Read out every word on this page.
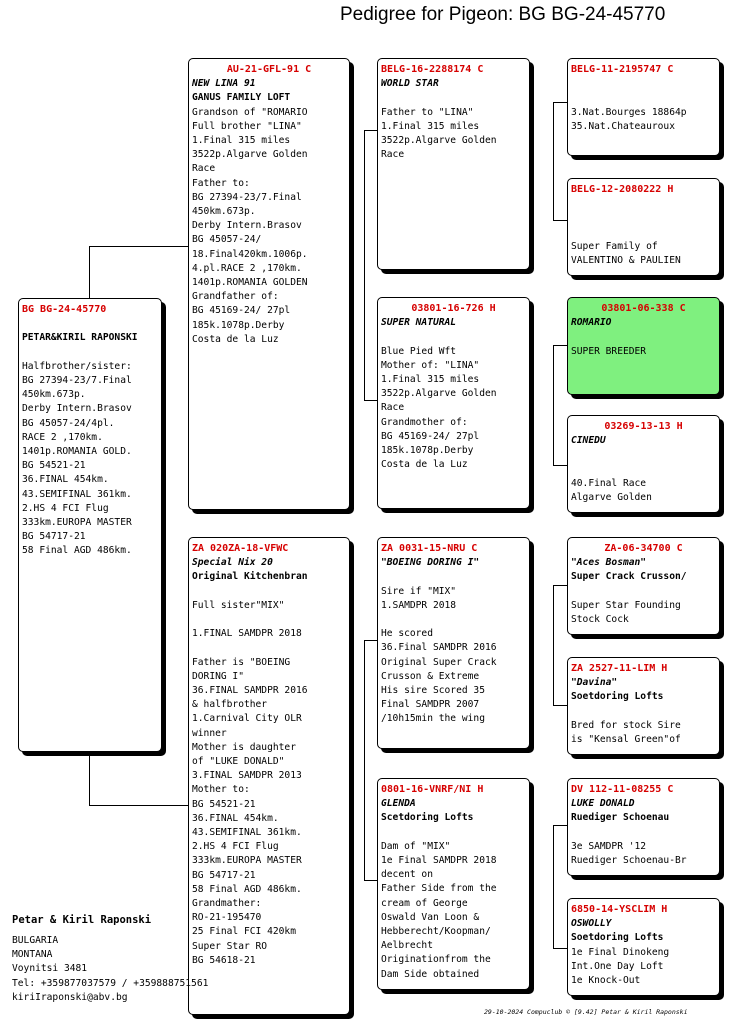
Pedigree for Pigeon: BG BG-24-45770
BG BG-24-45770
PETAR&KIRIL RAPONSKI

Halfbrother/sister:
BG 27394-23/7.Final
450km.673p.
Derby Intern.Brasov
BG 45057-24/4pl.
RACE 2 ,170km.
1401p.ROMANIA GOLD.
BG 54521-21
36.FINAL 454km.
43.SEMIFINAL 361km.
2.HS 4 FCI Flug
333km.EUROPA MASTER
BG 54717-21
58 Final AGD 486km.
AU-21-GFL-91 C
NEW LINA 91
GANUS FAMILY LOFT
Grandson of "ROMARIO
Full brother "LINA"
1.Final 315 miles
3522p.Algarve Golden
Race
Father to:
BG 27394-23/7.Final
450km.673p.
Derby Intern.Brasov
BG 45057-24/
18.Final420km.1006p.
4.pl.RACE 2 ,170km.
1401p.ROMANIA GOLDEN
Grandfather of:
BG 45169-24/ 27pl
185k.1078p.Derby
Costa de la Luz
ZA 020ZA-18-VFWC
Special Nix 20
Original Kitchenbran

Full sister"MIX"

1.FINAL SAMDPR 2018

Father is "BOEING
DORING I"
36.FINAL SAMDPR 2016
& halfbrother
1.Carnival City OLR
winner
Mother is daughter
of "LUKE DONALD"
3.FINAL SAMDPR 2013
Mother to:
BG 54521-21
36.FINAL 454km.
43.SEMIFINAL 361km.
2.HS 4 FCI Flug
333km.EUROPA MASTER
BG 54717-21
58 Final AGD 486km.
Grandmather:
RO-21-195470
25 Final FCI 420km
Super Star RO
BG 54618-21
BELG-16-2288174 C
WORLD STAR

Father to "LINA"
1.Final 315 miles
3522p.Algarve Golden
Race
03801-16-726 H
SUPER NATURAL
Blue Pied Wft
Mother of: "LINA"
1.Final 315 miles
3522p.Algarve Golden
Race
Grandmother of:
BG 45169-24/ 27pl
185k.1078p.Derby
Costa de la Luz
ZA 0031-15-NRU C
"BOEING DORING I"

Sire if "MIX"
1.SAMDPR 2018

He scored
36.Final SAMDPR 2016
Original Super Crack
Crusson & Extreme
His sire Scored 35
Final SAMDPR 2007
/10h15min the wing
0801-16-VNRF/NI H
GLENDA
Scetdoring Lofts

Dam of "MIX"
1e Final SAMDPR 2018
decent on
Father Side from the
cream of George
Oswald Van Loon &
Hebberecht/Koopman/
Aelbrecht
Originationfrom the
Dam Side obtained
BELG-11-2195747 C

3.Nat.Bourges 18864p
35.Nat.Chateauroux
BELG-12-2080222 H

Super Family of
VALENTINO & PAULIEN
03801-06-338 C
ROMARIO

SUPER BREEDER
03269-13-13 H
CINEDU

40.Final Race
Algarve Golden
ZA-06-34700 C
"Aces Bosman"
Super Crack Crusson/

Super Star Founding
Stock Cock
ZA 2527-11-LIM H
"Davina"
Soetdoring Lofts

Bred for stock Sire
is "Kensal Green"of
DV 112-11-08255 C
LUKE DONALD
Ruediger Schoenau

3e SAMDPR '12
Ruediger Schoenau-Br
6850-14-YSCLIM H
OSWOLLY
Soetdoring Lofts
1e Final Dinokeng
Int.One Day Loft
1e Knock-Out
Petar & Kiril Raponski
BULGARIA
MONTANA
Voynitsi 3481
Tel: +359877037579 / +359888751561
kiriIraponski@abv.bg
29-10-2024 Compuclub © [9.42] Petar & Kiril Raponski
